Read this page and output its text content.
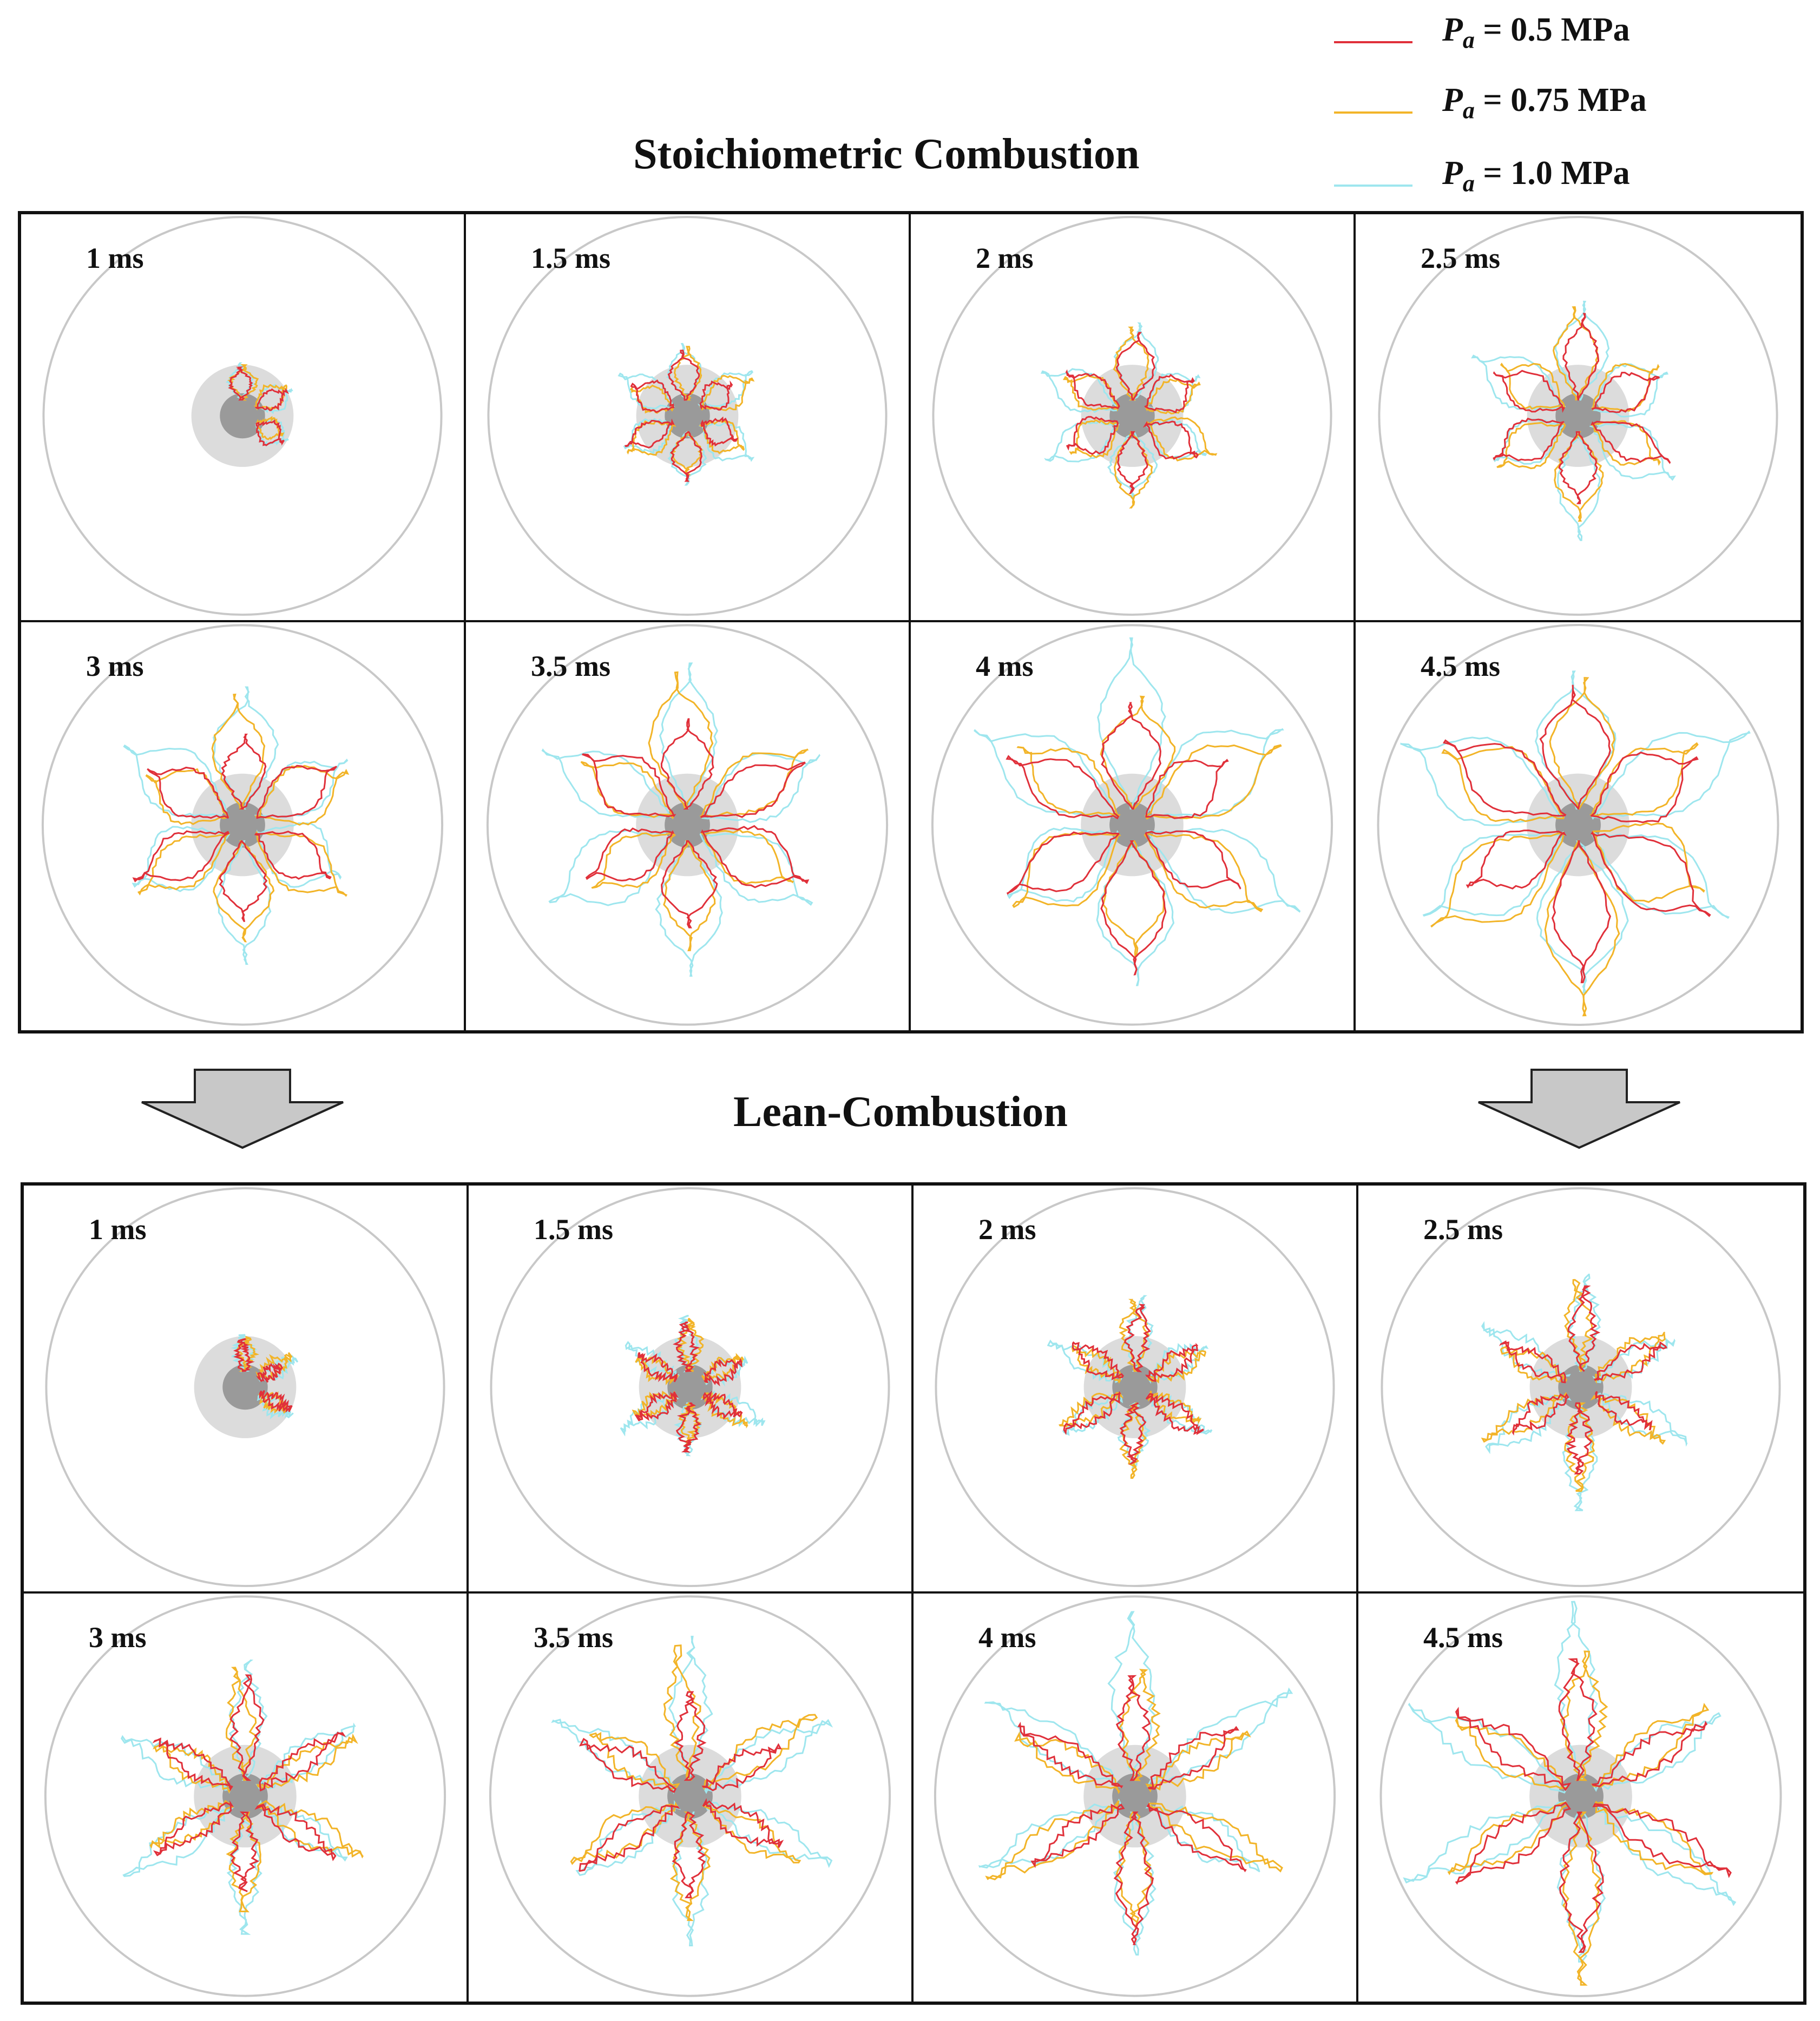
Stoichiometric Combustion
$P_a = 0.5$ MPa
$P_a = 0.75$ MPa
$P_a = 1.0$ MPa
1 ms	1.5 ms	2 ms	2.5 ms
3 ms	3.5 ms	4 ms	4.5 ms
Lean-Combustion
1 ms	1.5 ms	2 ms	2.5 ms
3 ms	3.5 ms	4 ms	4.5 ms
